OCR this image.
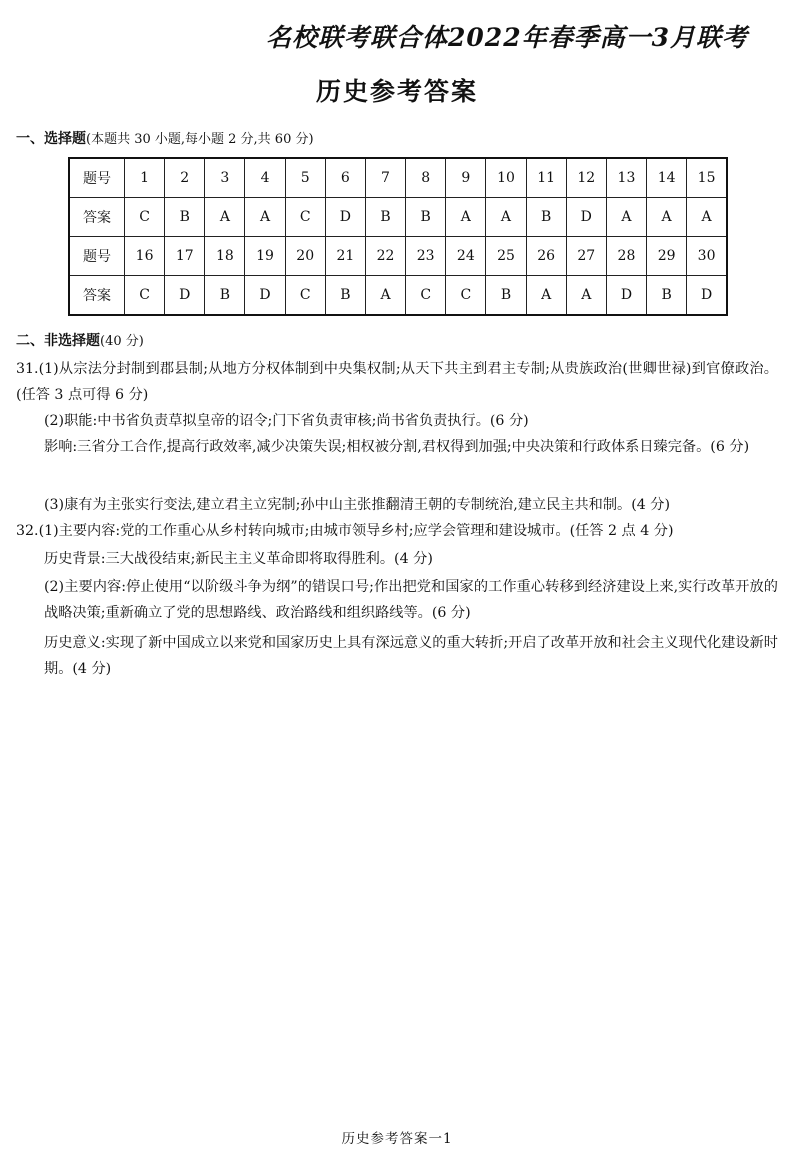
名校联考联合体2022年春季高一3月联考
历史参考答案
一、选择题(本题共 30 小题,每小题 2 分,共 60 分)
题号	1	2	3	4	5	6	7	8	9	10	11	12	13	14	15
答案	C	B	A	A	C	D	B	B	A	A	B	D	A	A	A
题号	16	17	18	19	20	21	22	23	24	25	26	27	28	29	30
答案	C	D	B	D	C	B	A	C	C	B	A	A	D	B	D
二、非选择题(40 分)
31.(1)从宗法分封制到郡县制;从地方分权体制到中央集权制;从天下共主到君主专制;从贵族政治(世卿世禄)到官僚政治。(任答 3 点可得 6 分)
(2)职能:中书省负责草拟皇帝的诏令;门下省负责审核;尚书省负责执行。(6 分)
影响:三省分工合作,提高行政效率,减少决策失误;相权被分割,君权得到加强;中央决策和行政体系日臻完备。(6 分)
(3)康有为主张实行变法,建立君主立宪制;孙中山主张推翻清王朝的专制统治,建立民主共和制。(4 分)
32.(1)主要内容:党的工作重心从乡村转向城市;由城市领导乡村;应学会管理和建设城市。(任答 2 点 4 分)
历史背景:三大战役结束;新民主主义革命即将取得胜利。(4 分)
(2)主要内容:停止使用“以阶级斗争为纲”的错误口号;作出把党和国家的工作重心转移到经济建设上来,实行改革开放的战略决策;重新确立了党的思想路线、政治路线和组织路线等。(6 分)
历史意义:实现了新中国成立以来党和国家历史上具有深远意义的重大转折;开启了改革开放和社会主义现代化建设新时期。(4 分)
历史参考答案一1
